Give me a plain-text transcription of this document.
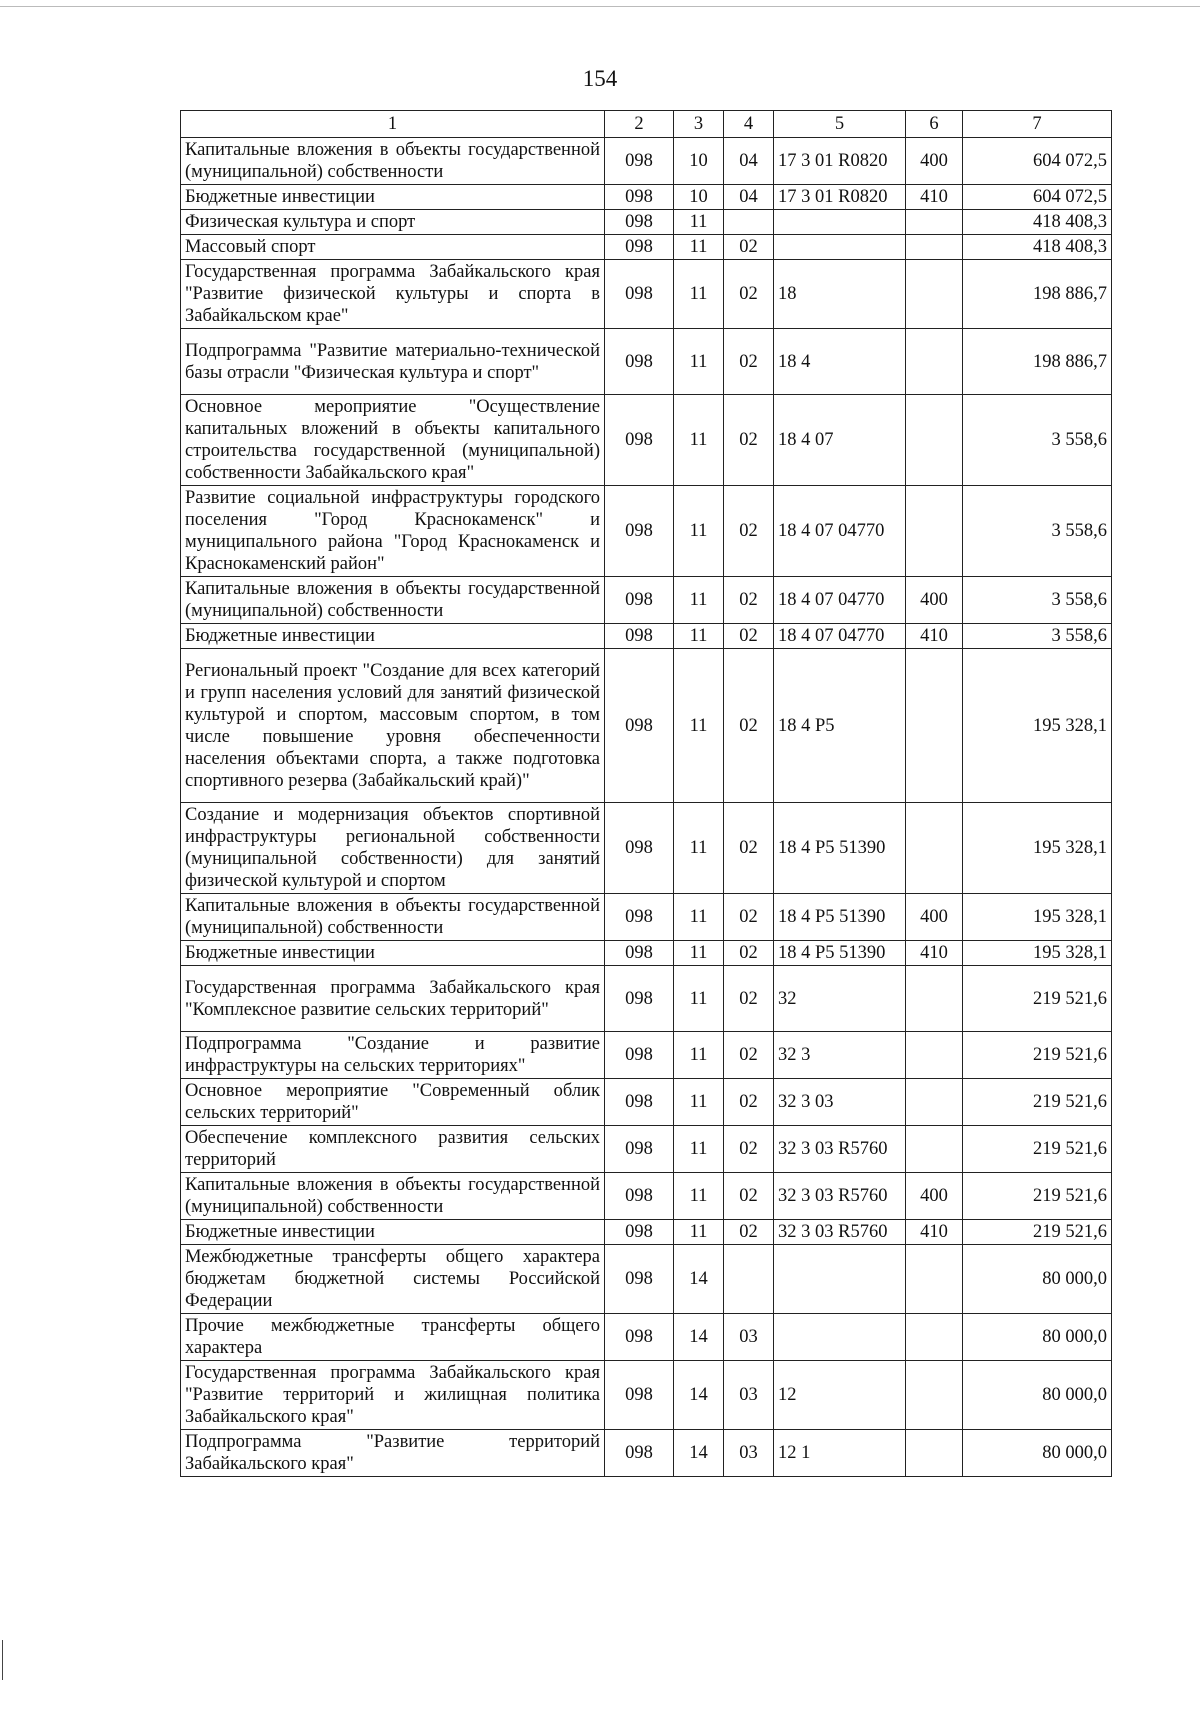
154
1	2	3	4	5	6	7
Капитальные вложения в объекты государственной (муниципальной) собственности	098	10	04	17 3 01 R0820	400	604 072,5
Бюджетные инвестиции	098	10	04	17 3 01 R0820	410	604 072,5
Физическая культура и спорт	098	11				418 408,3
Массовый спорт	098	11	02			418 408,3
Государственная программа Забайкальского края "Развитие физической культуры и спорта в Забайкальском крае"	098	11	02	18		198 886,7
Подпрограмма "Развитие материально-технической базы отрасли "Физическая культура и спорт"	098	11	02	18 4		198 886,7
Основное мероприятие "Осуществление капитальных вложений в объекты капитального строительства государственной (муниципальной) собственности Забайкальского края"	098	11	02	18 4 07		3 558,6
Развитие социальной инфраструктуры городского поселения "Город Краснокаменск" и муниципального района "Город Краснокаменск и Краснокаменский район"	098	11	02	18 4 07 04770		3 558,6
Капитальные вложения в объекты государственной (муниципальной) собственности	098	11	02	18 4 07 04770	400	3 558,6
Бюджетные инвестиции	098	11	02	18 4 07 04770	410	3 558,6
Региональный проект "Создание для всех категорий и групп населения условий для занятий физической культурой и спортом, массовым спортом, в том числе повышение уровня обеспеченности населения объектами спорта, а также подготовка спортивного резерва (Забайкальский край)"	098	11	02	18 4 P5		195 328,1
Создание и модернизация объектов спортивной инфраструктуры региональной собственности (муниципальной собственности) для занятий физической культурой и спортом	098	11	02	18 4 P5 51390		195 328,1
Капитальные вложения в объекты государственной (муниципальной) собственности	098	11	02	18 4 P5 51390	400	195 328,1
Бюджетные инвестиции	098	11	02	18 4 P5 51390	410	195 328,1
Государственная программа Забайкальского края "Комплексное развитие сельских территорий"	098	11	02	32		219 521,6
Подпрограмма "Создание и развитие инфраструктуры на сельских территориях"	098	11	02	32 3		219 521,6
Основное мероприятие "Современный облик сельских территорий"	098	11	02	32 3 03		219 521,6
Обеспечение комплексного развития сельских территорий	098	11	02	32 3 03 R5760		219 521,6
Капитальные вложения в объекты государственной (муниципальной) собственности	098	11	02	32 3 03 R5760	400	219 521,6
Бюджетные инвестиции	098	11	02	32 3 03 R5760	410	219 521,6
Межбюджетные трансферты общего характера бюджетам бюджетной системы Российской Федерации	098	14				80 000,0
Прочие межбюджетные трансферты общего характера	098	14	03			80 000,0
Государственная программа Забайкальского края "Развитие территорий и жилищная политика Забайкальского края"	098	14	03	12		80 000,0
Подпрограмма "Развитие территорий Забайкальского края"	098	14	03	12 1		80 000,0
